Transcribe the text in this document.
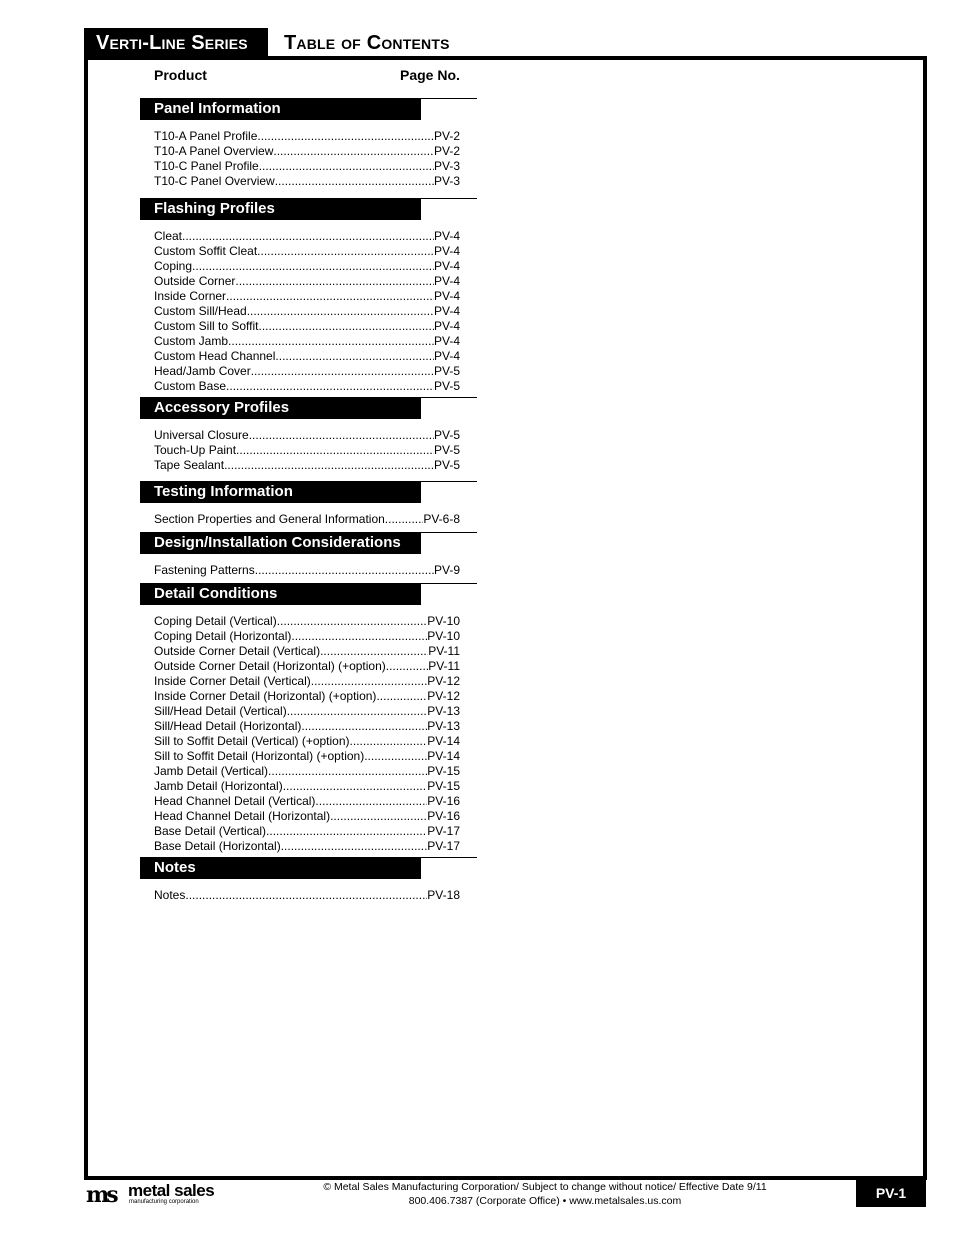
Verti-Line Series	Table of Contents
Product	Page No.
Panel Information
T10-A Panel Profile .....	PV-2
T10-A Panel Overview .....	PV-2
T10-C Panel Profile .....	PV-3
T10-C Panel Overview .....	PV-3
Flashing Profiles
Cleat .....	PV-4
Custom Soffit Cleat .....	PV-4
Coping .....	PV-4
Outside Corner .....	PV-4
Inside Corner .....	PV-4
Custom Sill/Head .....	PV-4
Custom Sill to Soffit .....	PV-4
Custom Jamb .....	PV-4
Custom Head Channel .....	PV-4
Head/Jamb Cover .....	PV-5
Custom Base .....	PV-5
Accessory Profiles
Universal Closure .....	PV-5
Touch-Up Paint .....	PV-5
Tape Sealant .....	PV-5
Testing Information
Section Properties and General Information .....	PV-6-8
Design/Installation Considerations
Fastening Patterns .....	PV-9
Detail Conditions
Coping Detail (Vertical) .....	PV-10
Coping Detail (Horizontal) .....	PV-10
Outside Corner Detail (Vertical) .....	PV-11
Outside Corner Detail (Horizontal) (+option) .....	PV-11
Inside Corner Detail (Vertical) .....	PV-12
Inside Corner Detail (Horizontal) (+option) .....	PV-12
Sill/Head Detail (Vertical) .....	PV-13
Sill/Head Detail (Horizontal) .....	PV-13
Sill to Soffit Detail (Vertical) (+option) .....	PV-14
Sill to Soffit Detail (Horizontal) (+option) .....	PV-14
Jamb Detail (Vertical) .....	PV-15
Jamb Detail (Horizontal) .....	PV-15
Head Channel Detail (Vertical) .....	PV-16
Head Channel Detail (Horizontal) .....	PV-16
Base Detail (Vertical) .....	PV-17
Base Detail (Horizontal) .....	PV-17
Notes
Notes .....	PV-18
ms metal sales
manufacturing corporation
© Metal Sales Manufacturing Corporation/ Subject to change without notice/ Effective Date 9/11
800.406.7387 (Corporate Office) • www.metalsales.us.com	PV-1
